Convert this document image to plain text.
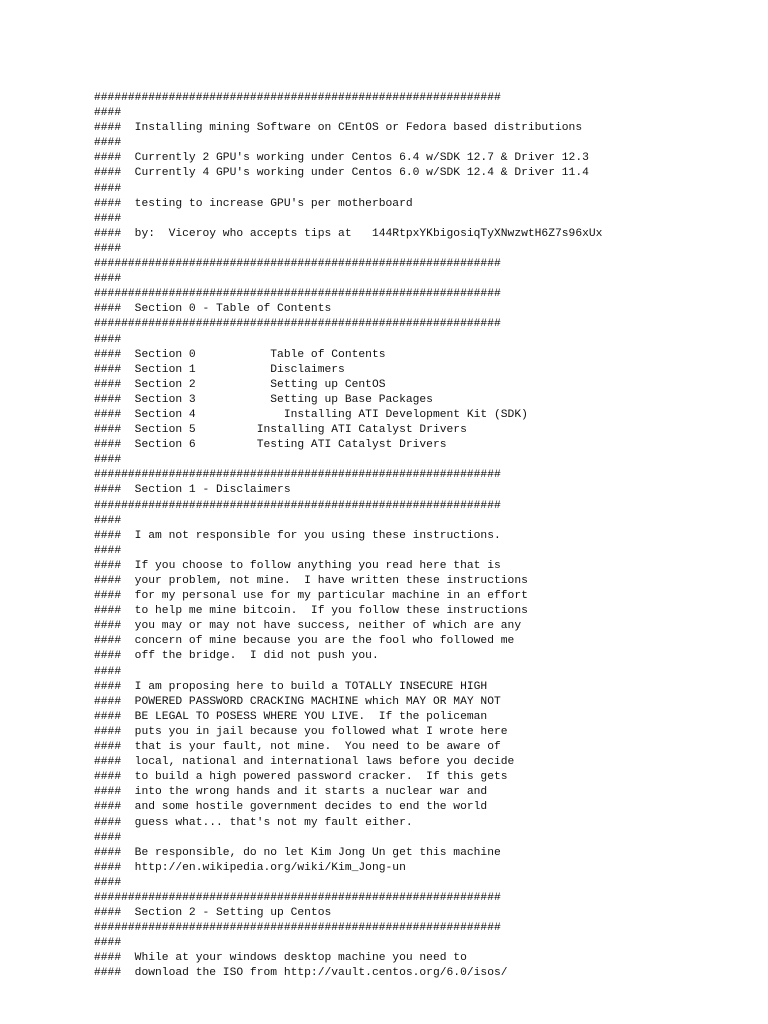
############################################################
####
####  Installing mining Software on CEntOS or Fedora based distributions
####
####  Currently 2 GPU's working under Centos 6.4 w/SDK 12.7 & Driver 12.3
####  Currently 4 GPU's working under Centos 6.0 w/SDK 12.4 & Driver 11.4
####
####  testing to increase GPU's per motherboard
####
####  by:  Viceroy who accepts tips at   144RtpxYKbigosiqTyXNwzwtH6Z7s96xUx
####
############################################################
####
############################################################
####  Section 0 - Table of Contents
############################################################
####
####  Section 0           Table of Contents
####  Section 1           Disclaimers
####  Section 2           Setting up CentOS
####  Section 3           Setting up Base Packages
####  Section 4             Installing ATI Development Kit (SDK)
####  Section 5         Installing ATI Catalyst Drivers
####  Section 6         Testing ATI Catalyst Drivers
####
############################################################
####  Section 1 - Disclaimers
############################################################
####
####  I am not responsible for you using these instructions.
####
####  If you choose to follow anything you read here that is
####  your problem, not mine.  I have written these instructions
####  for my personal use for my particular machine in an effort
####  to help me mine bitcoin.  If you follow these instructions
####  you may or may not have success, neither of which are any
####  concern of mine because you are the fool who followed me
####  off the bridge.  I did not push you.
####
####  I am proposing here to build a TOTALLY INSECURE HIGH
####  POWERED PASSWORD CRACKING MACHINE which MAY OR MAY NOT
####  BE LEGAL TO POSESS WHERE YOU LIVE.  If the policeman
####  puts you in jail because you followed what I wrote here
####  that is your fault, not mine.  You need to be aware of
####  local, national and international laws before you decide
####  to build a high powered password cracker.  If this gets
####  into the wrong hands and it starts a nuclear war and
####  and some hostile government decides to end the world
####  guess what... that's not my fault either.
####
####  Be responsible, do no let Kim Jong Un get this machine
####  http://en.wikipedia.org/wiki/Kim_Jong-un
####
############################################################
####  Section 2 - Setting up Centos
############################################################
####
####  While at your windows desktop machine you need to
####  download the ISO from http://vault.centos.org/6.0/isos/
